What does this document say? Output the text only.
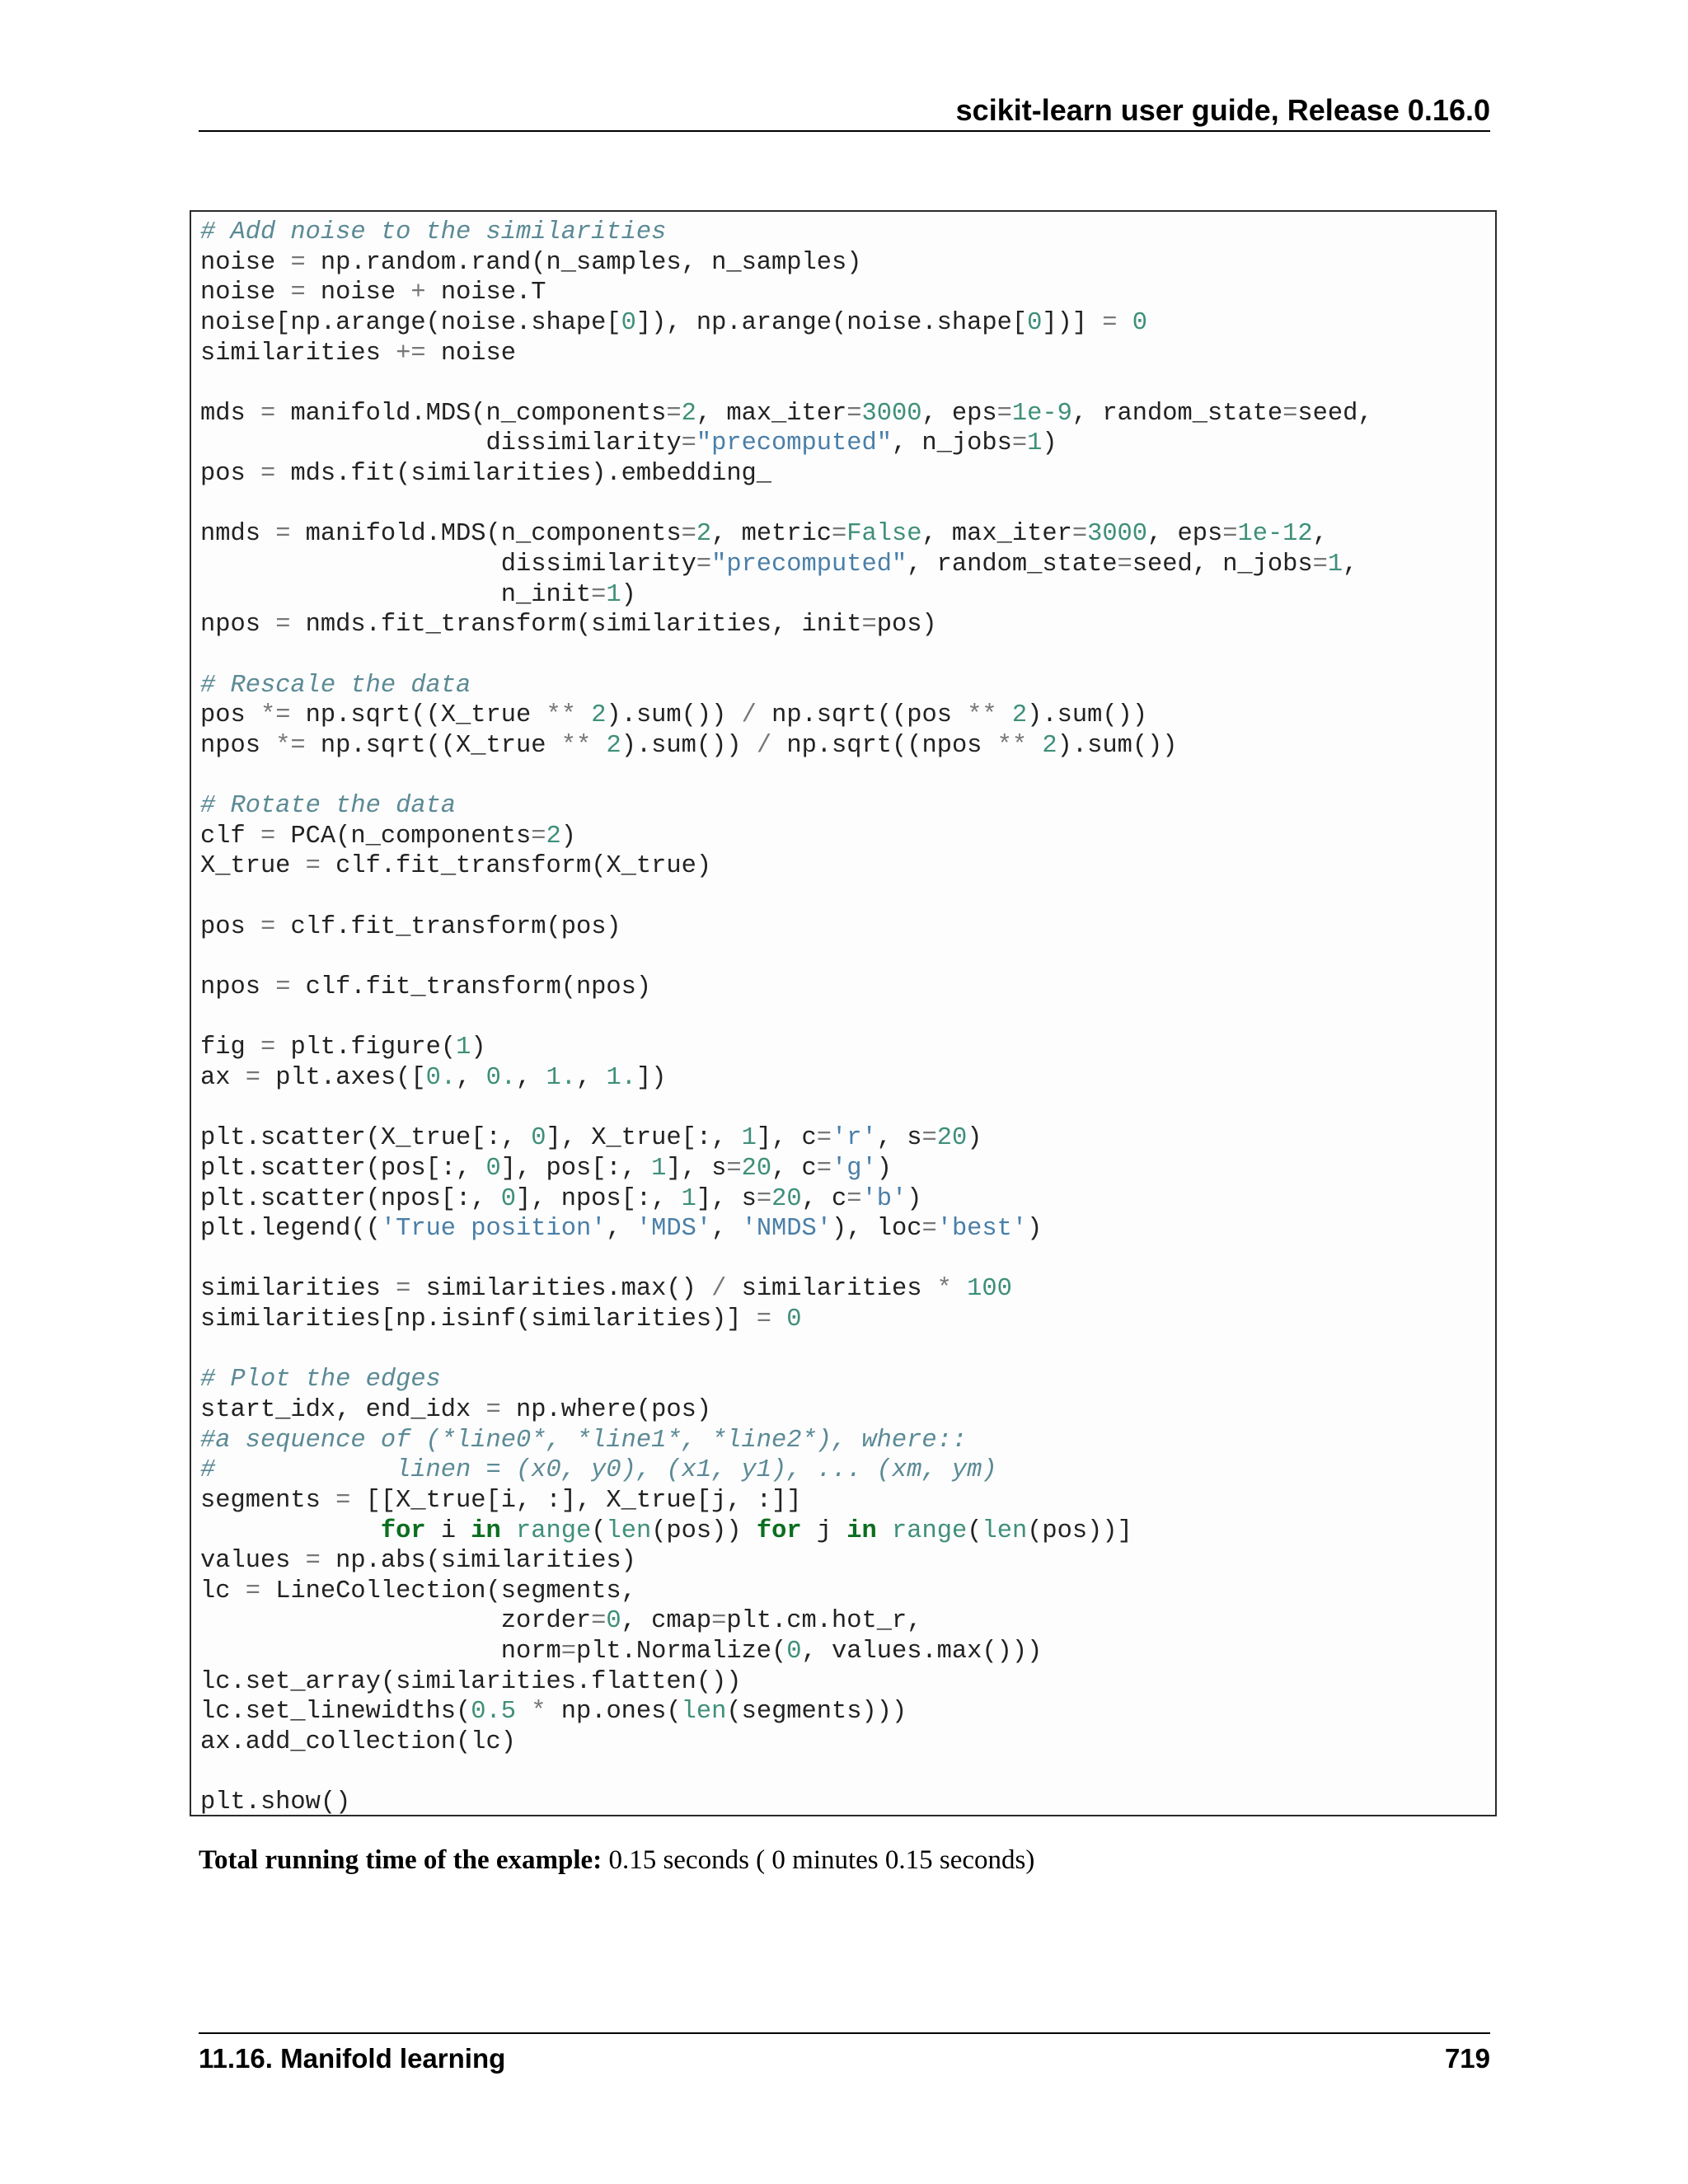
scikit-learn user guide, Release 0.16.0
# Add noise to the similarities
noise = np.random.rand(n_samples, n_samples)
noise = noise + noise.T
noise[np.arange(noise.shape[0]), np.arange(noise.shape[0])] = 0
similarities += noise
mds = manifold.MDS(n_components=2, max_iter=3000, eps=1e-9, random_state=seed,
dissimilarity="precomputed", n_jobs=1)
pos = mds.fit(similarities).embedding_
nmds = manifold.MDS(n_components=2, metric=False, max_iter=3000, eps=1e-12,
dissimilarity="precomputed", random_state=seed, n_jobs=1,
n_init=1)
npos = nmds.fit_transform(similarities, init=pos)
# Rescale the data
pos *= np.sqrt((X_true ** 2).sum()) / np.sqrt((pos ** 2).sum())
npos *= np.sqrt((X_true ** 2).sum()) / np.sqrt((npos ** 2).sum())
# Rotate the data
clf = PCA(n_components=2)
X_true = clf.fit_transform(X_true)
pos = clf.fit_transform(pos)
npos = clf.fit_transform(npos)
fig = plt.figure(1)
ax = plt.axes([0., 0., 1., 1.])
plt.scatter(X_true[:, 0], X_true[:, 1], c='r', s=20)
plt.scatter(pos[:, 0], pos[:, 1], s=20, c='g')
plt.scatter(npos[:, 0], npos[:, 1], s=20, c='b')
plt.legend(('True position', 'MDS', 'NMDS'), loc='best')
similarities = similarities.max() / similarities * 100
similarities[np.isinf(similarities)] = 0
# Plot the edges
start_idx, end_idx = np.where(pos)
#a sequence of (*line0*, *line1*, *line2*), where::
#            linen = (x0, y0), (x1, y1), ... (xm, ym)
segments = [[X_true[i, :], X_true[j, :]]
for i in range(len(pos)) for j in range(len(pos))]
values = np.abs(similarities)
lc = LineCollection(segments,
zorder=0, cmap=plt.cm.hot_r,
norm=plt.Normalize(0, values.max()))
lc.set_array(similarities.flatten())
lc.set_linewidths(0.5 * np.ones(len(segments)))
ax.add_collection(lc)
plt.show()
Total running time of the example: 0.15 seconds ( 0 minutes 0.15 seconds)
11.16. Manifold learning	719
